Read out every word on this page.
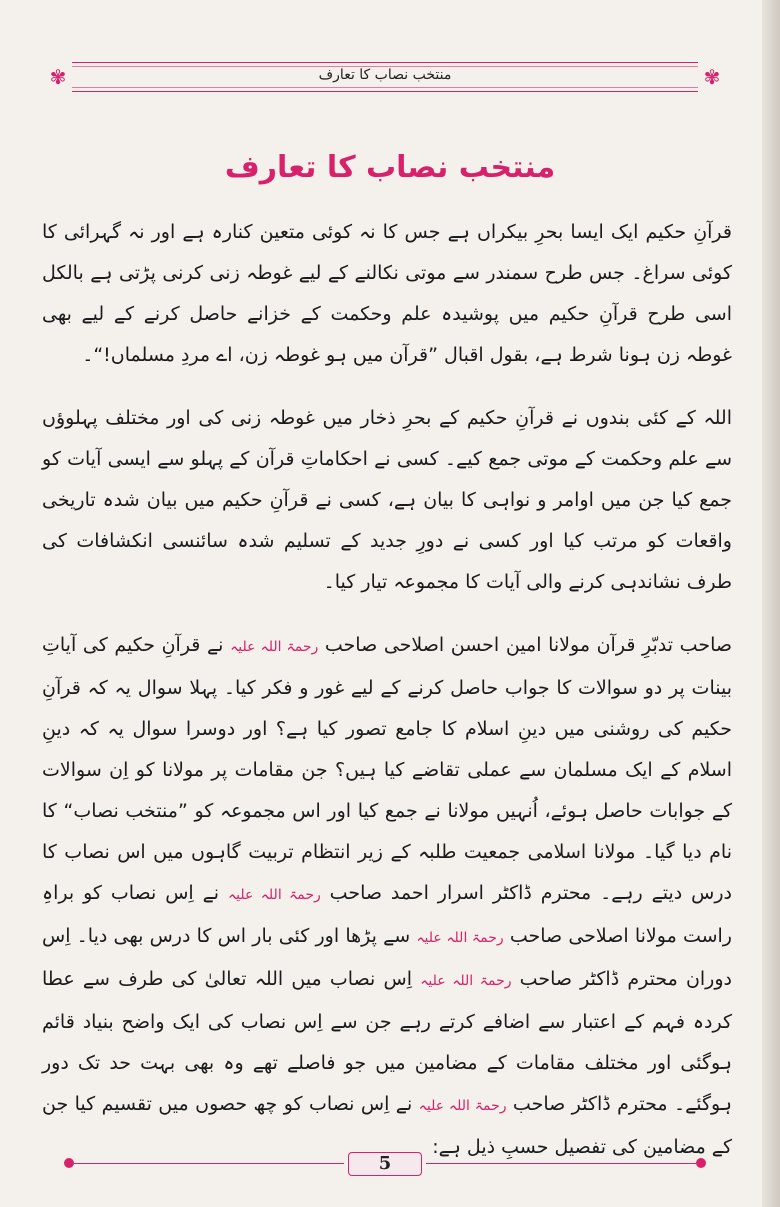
✾	✾
منتخب نصاب کا تعارف
منتخب نصاب کا تعارف

قرآنِ حکیم ایک ایسا بحرِ بیکراں ہے جس کا نہ کوئی متعین کنارہ ہے اور نہ گہرائی کا کوئی سراغ۔ جس طرح سمندر سے موتی نکالنے کے لیے غوطہ زنی کرنی پڑتی ہے بالکل اسی طرح قرآنِ حکیم میں پوشیدہ علم وحکمت کے خزانے حاصل کرنے کے لیے بھی غوطہ زن ہونا شرط ہے، بقول اقبال ”قرآن میں ہو غوطہ زن، اے مردِ مسلماں!“۔

اللہ کے کئی بندوں نے قرآنِ حکیم کے بحرِ ذخار میں غوطہ زنی کی اور مختلف پہلوؤں سے علم وحکمت کے موتی جمع کیے۔ کسی نے احکاماتِ قرآن کے پہلو سے ایسی آیات کو جمع کیا جن میں اوامر و نواہی کا بیان ہے، کسی نے قرآنِ حکیم میں بیان شدہ تاریخی واقعات کو مرتب کیا اور کسی نے دورِ جدید کے تسلیم شدہ سائنسی انکشافات کی طرف نشاندہی کرنے والی آیات کا مجموعہ تیار کیا۔

صاحب تدبّرِ قرآن مولانا امین احسن اصلاحی صاحب رحمۃ اللہ علیہ نے قرآنِ حکیم کی آیاتِ بینات پر دو سوالات کا جواب حاصل کرنے کے لیے غور و فکر کیا۔ پہلا سوال یہ کہ قرآنِ حکیم کی روشنی میں دینِ اسلام کا جامع تصور کیا ہے؟ اور دوسرا سوال یہ کہ دینِ اسلام کے ایک مسلمان سے عملی تقاضے کیا ہیں؟ جن مقامات پر مولانا کو اِن سوالات کے جوابات حاصل ہوئے، اُنہیں مولانا نے جمع کیا اور اس مجموعہ کو ”منتخب نصاب“ کا نام دیا گیا۔ مولانا اسلامی جمعیت طلبہ کے زیر انتظام تربیت گاہوں میں اس نصاب کا درس دیتے رہے۔ محترم ڈاکٹر اسرار احمد صاحب رحمۃ اللہ علیہ نے اِس نصاب کو براہِ راست مولانا اصلاحی صاحب رحمۃ اللہ علیہ سے پڑھا اور کئی بار اس کا درس بھی دیا۔ اِس دوران محترم ڈاکٹر صاحب رحمۃ اللہ علیہ اِس نصاب میں اللہ تعالیٰ کی طرف سے عطا کردہ فہم کے اعتبار سے اضافے کرتے رہے جن سے اِس نصاب کی ایک واضح بنیاد قائم ہوگئی اور مختلف مقامات کے مضامین میں جو فاصلے تھے وہ بھی بہت حد تک دور ہوگئے۔ محترم ڈاکٹر صاحب رحمۃ اللہ علیہ نے اِس نصاب کو چھ حصوں میں تقسیم کیا جن کے مضامین کی تفصیل حسبِ ذیل ہے:

5
